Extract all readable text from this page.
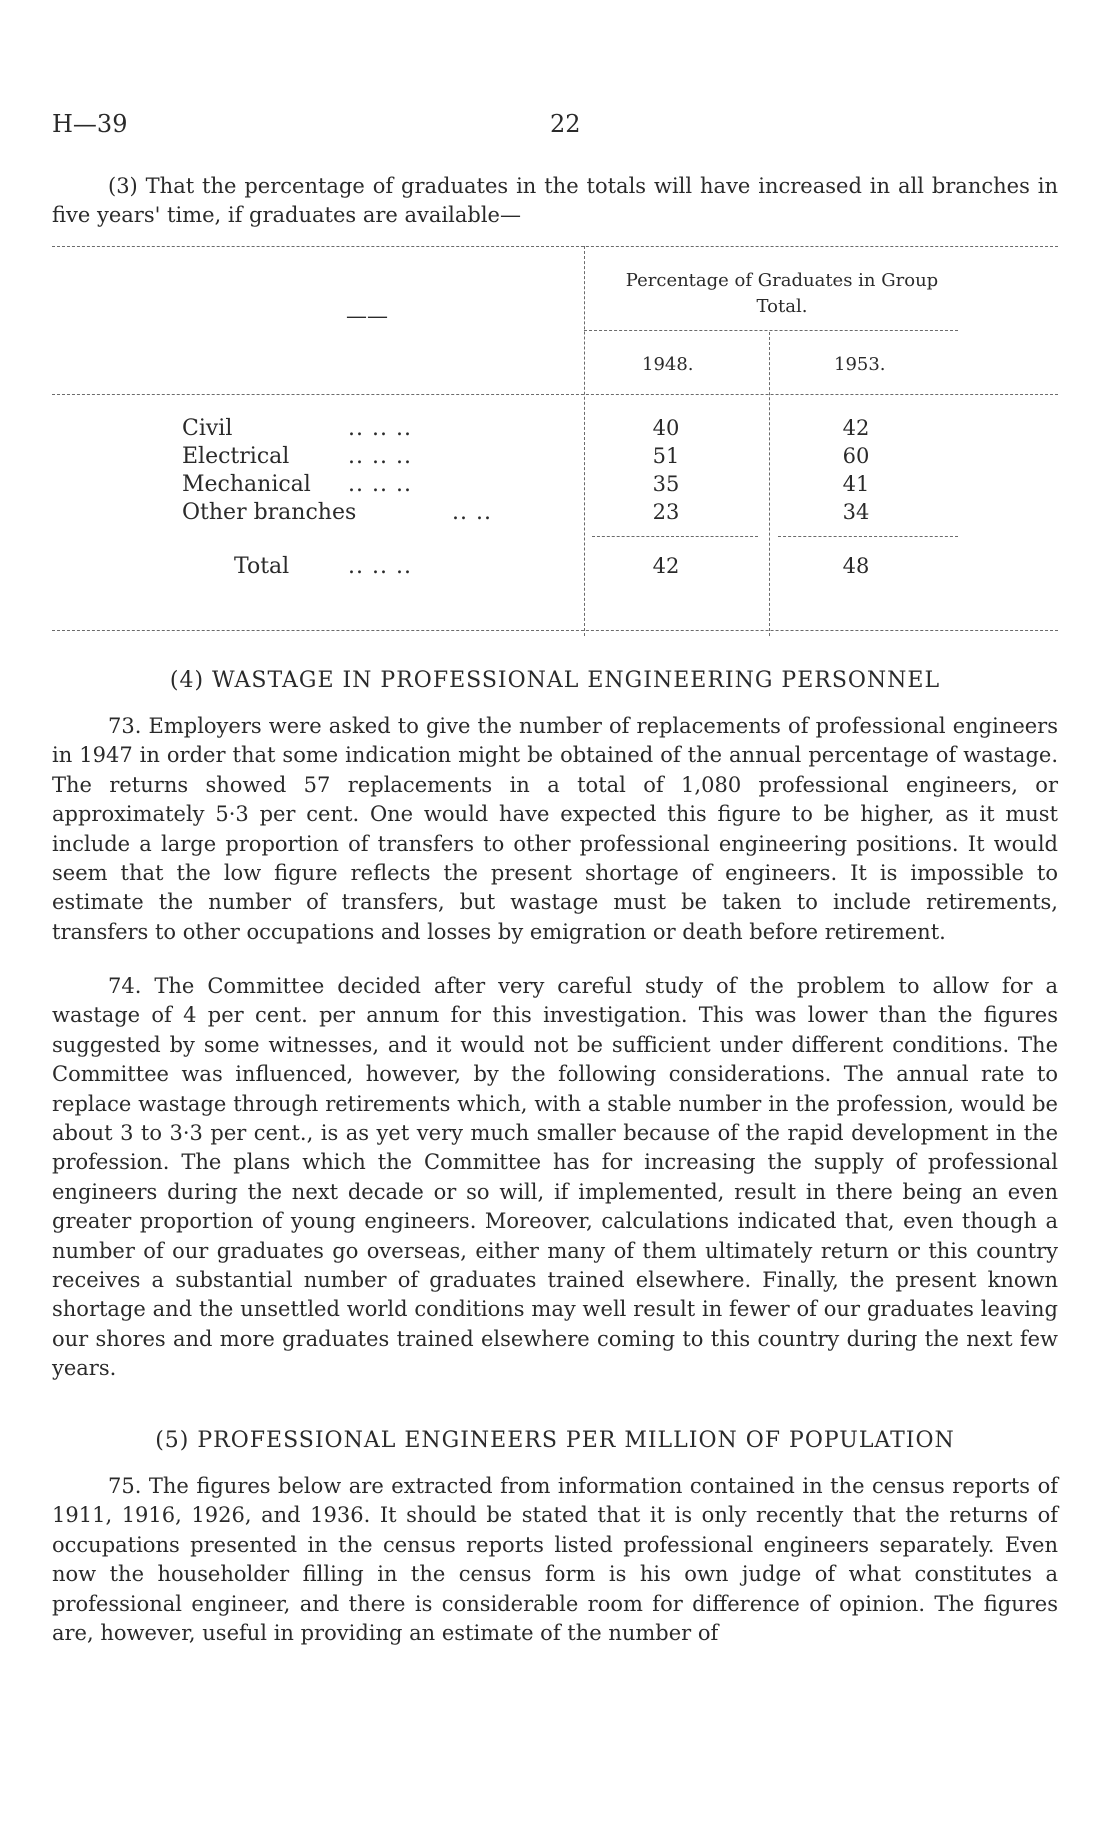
H—39	22

(3) That the percentage of graduates in the totals will have increased in all branches in five years' time, if graduates are available—

——
Percentage of Graduates in Group Total.
1948.	1953.
Civil	.. .. ..	40	42
Electrical	.. .. ..	51	60
Mechanical .. .. ..	35	41
Other branches	.. ..	23	34
Total	.. .. ..	42	48
(4) WASTAGE IN PROFESSIONAL ENGINEERING PERSONNEL

73. Employers were asked to give the number of replacements of professional engineers in 1947 in order that some indication might be obtained of the annual percentage of wastage. The returns showed 57 replacements in a total of 1,080 professional engineers, or approximately 5·3 per cent. One would have expected this figure to be higher, as it must include a large proportion of transfers to other professional engineering positions. It would seem that the low figure reflects the present shortage of engineers. It is impossible to estimate the number of transfers, but wastage must be taken to include retirements, transfers to other occupations and losses by emigration or death before retirement.

74. The Committee decided after very careful study of the problem to allow for a wastage of 4 per cent. per annum for this investigation. This was lower than the figures suggested by some witnesses, and it would not be sufficient under different conditions. The Committee was influenced, however, by the following considerations. The annual rate to replace wastage through retirements which, with a stable number in the profession, would be about 3 to 3·3 per cent., is as yet very much smaller because of the rapid development in the profession. The plans which the Committee has for increasing the supply of professional engineers during the next decade or so will, if implemented, result in there being an even greater proportion of young engineers. Moreover, calculations indicated that, even though a number of our graduates go overseas, either many of them ultimately return or this country receives a substantial number of graduates trained elsewhere. Finally, the present known shortage and the unsettled world conditions may well result in fewer of our graduates leaving our shores and more graduates trained elsewhere coming to this country during the next few years.

(5) PROFESSIONAL ENGINEERS PER MILLION OF POPULATION

75. The figures below are extracted from information contained in the census reports of 1911, 1916, 1926, and 1936. It should be stated that it is only recently that the returns of occupations presented in the census reports listed professional engineers separately. Even now the householder filling in the census form is his own judge of what constitutes a professional engineer, and there is considerable room for difference of opinion. The figures are, however, useful in providing an estimate of the number of
